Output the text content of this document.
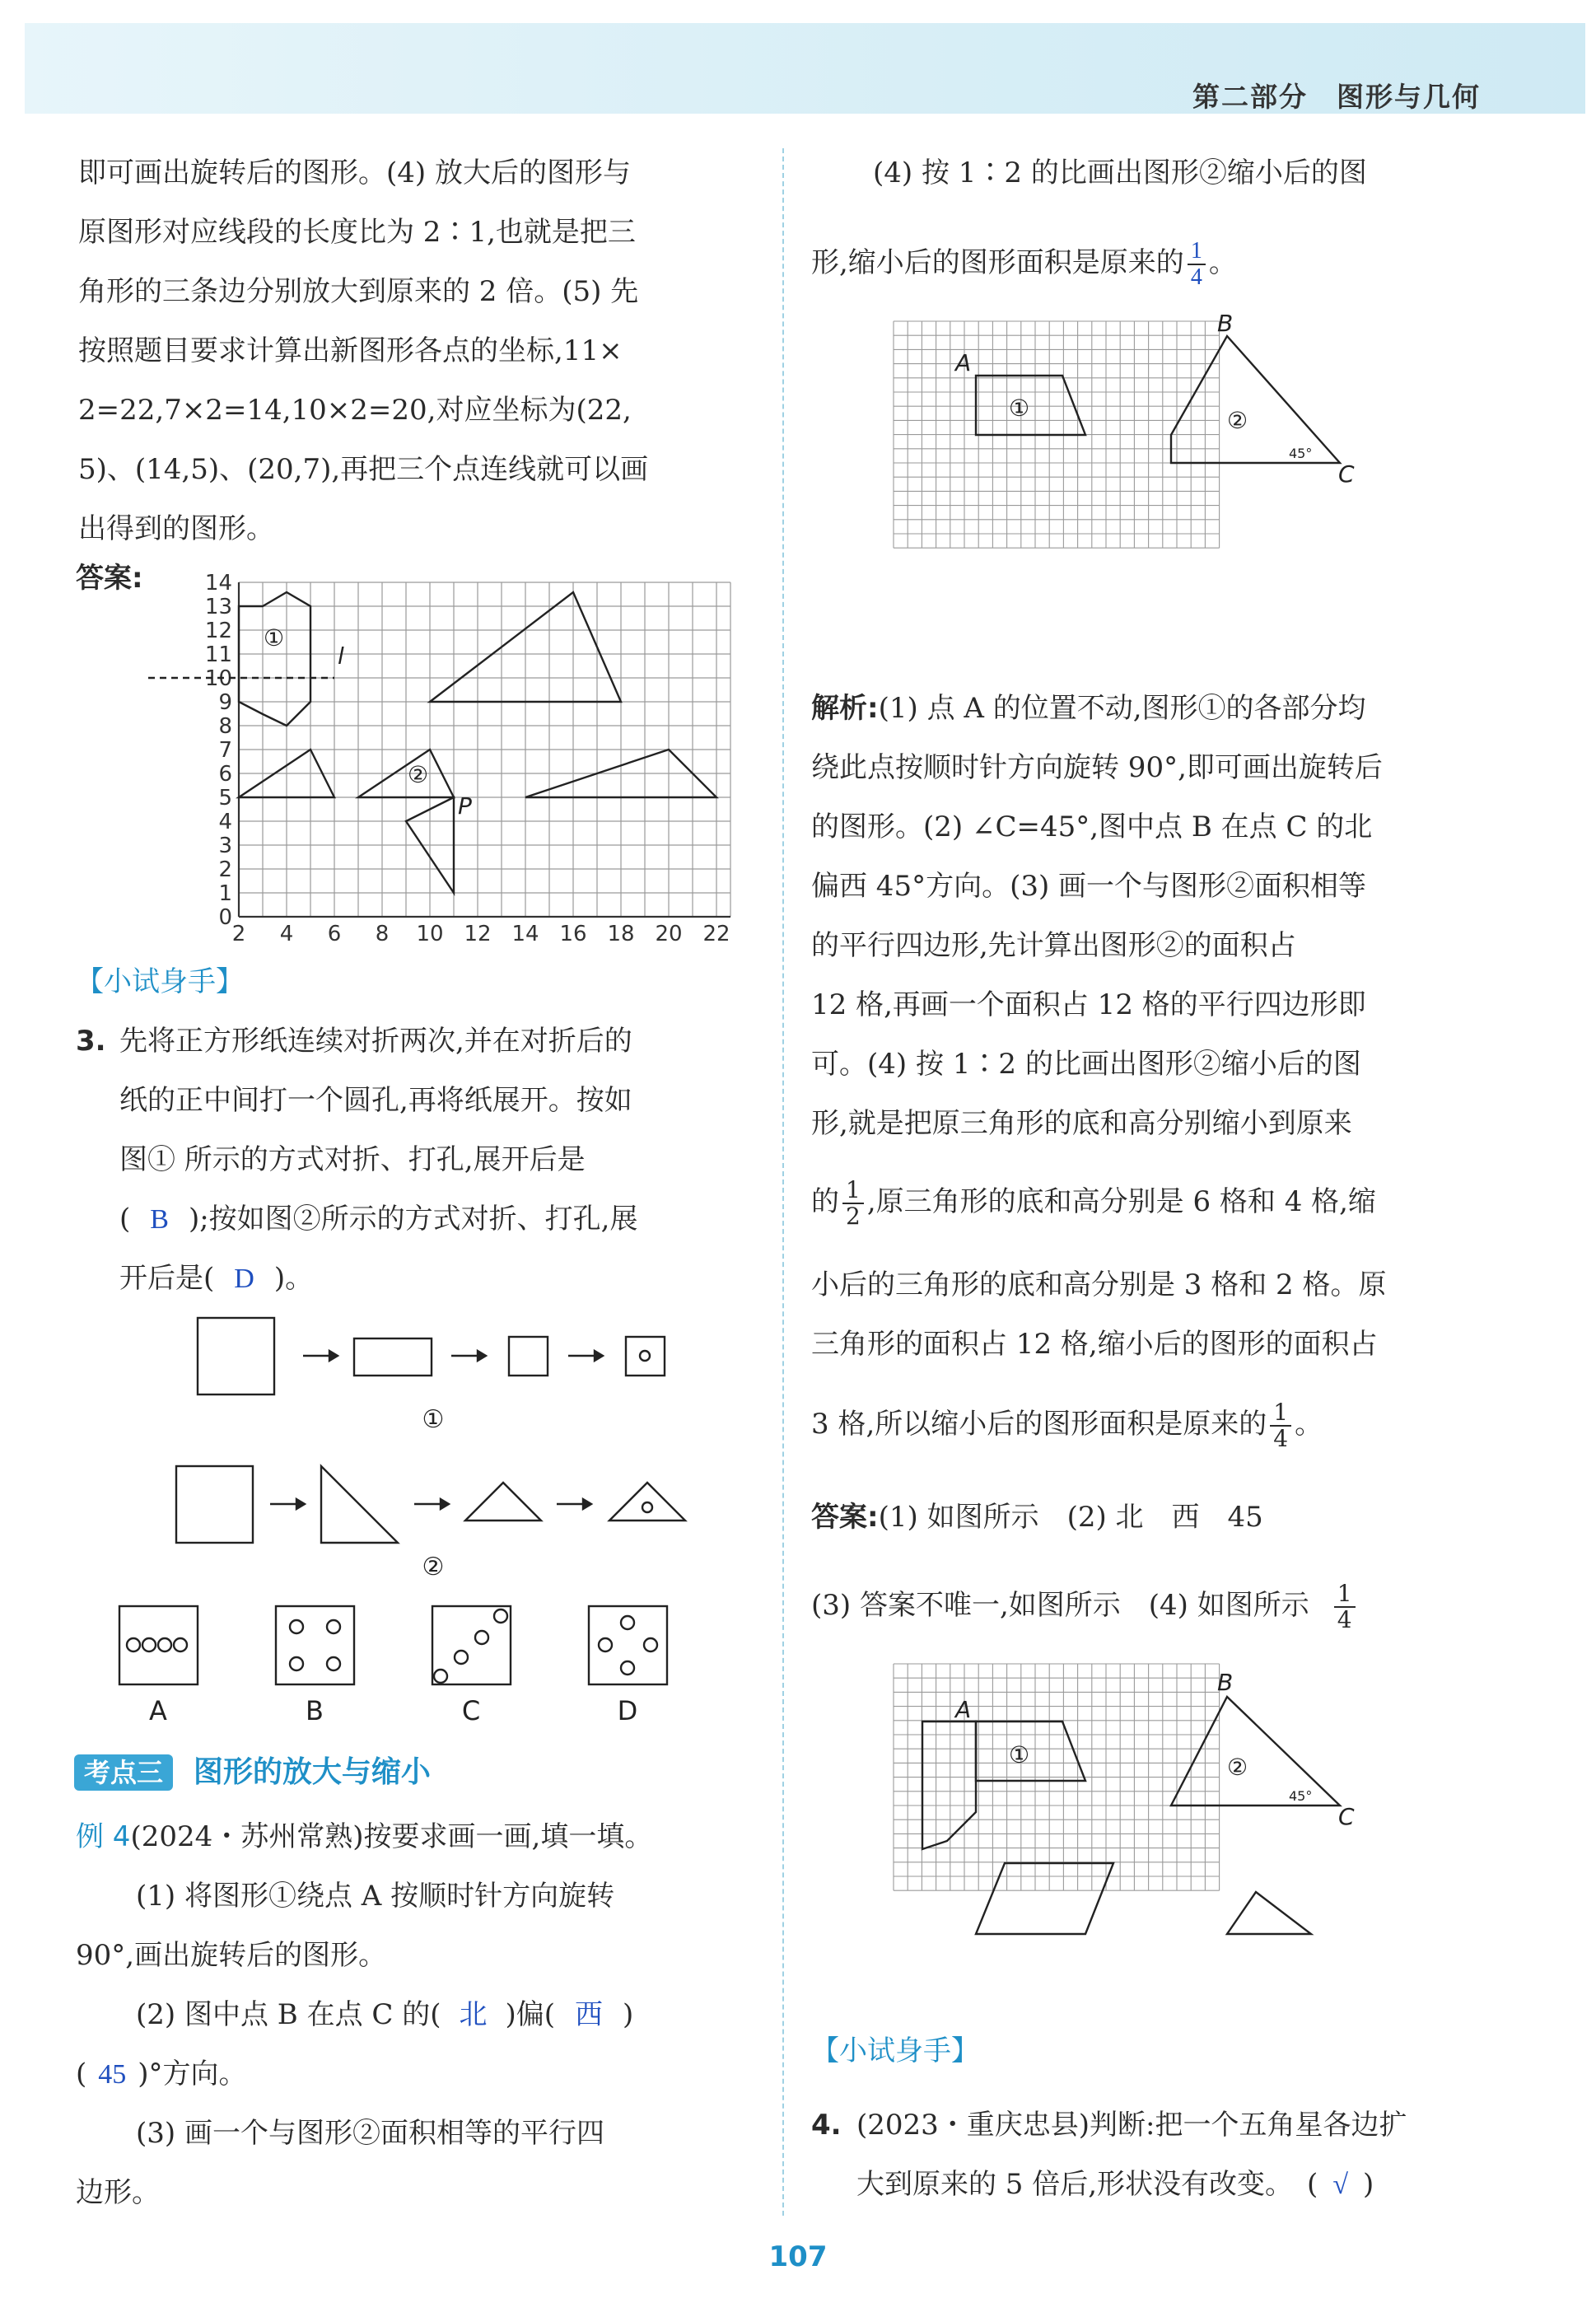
第二部分　图形与几何
即可画出旋转后的图形。(4) 放大后的图形与
原图形对应线段的长度比为 2∶1,也就是把三
角形的三条边分别放大到原来的 2 倍。(5) 先
按照题目要求计算出新图形各点的坐标,11×
2=22,7×2=14,10×2=20,对应坐标为(22,
5)、(14,5)、(20,7),再把三个点连线就可以画
出得到的图形。
答案:
0
1
2
3
4
5
6
7
8
9
10
11
12
13
14
2 4 6 8 10 12 14 16 18 20 22
①
②
l
P
【小试身手】
3. 先将正方形纸连续对折两次,并在对折后的
纸的正中间打一个圆孔,再将纸展开。按如
图① 所示的方式对折、打孔,展开后是
( B );按如图②所示的方式对折、打孔,展
开后是( D )。
①
②
A	B	C	D
考点三 图形的放大与缩小
例 4(2024・苏州常熟)按要求画一画,填一填。
(1) 将图形①绕点 A 按顺时针方向旋转
90°,画出旋转后的图形。
(2) 图中点 B 在点 C 的( 北 )偏( 西 )
( 45 )°方向。
(3) 画一个与图形②面积相等的平行四
边形。
(4) 按 1∶2 的比画出图形②缩小后的图
形,缩小后的图形面积是原来的 $\frac{1}{4}$ 。
A
B
C
①	②
45°
解析:(1) 点 A 的位置不动,图形①的各部分均
绕此点按顺时针方向旋转 90°,即可画出旋转后
的图形。(2) ∠C=45°,图中点 B 在点 C 的北
偏西 45°方向。(3) 画一个与图形②面积相等
的平行四边形,先计算出图形②的面积占
12 格,再画一个面积占 12 格的平行四边形即
可。(4) 按 1∶2 的比画出图形②缩小后的图
形,就是把原三角形的底和高分别缩小到原来
的 $\frac{1}{2}$ ,原三角形的底和高分别是 6 格和 4 格,缩
小后的三角形的底和高分别是 3 格和 2 格。原
三角形的面积占 12 格,缩小后的图形的面积占
3 格,所以缩小后的图形面积是原来的 $\frac{1}{4}$ 。
答案:(1) 如图所示　(2) 北　西　45
(3) 答案不唯一,如图所示　(4) 如图所示 $\frac{1}{4}$
A
B
C
①	②
45°
【小试身手】
4. (2023・重庆忠县)判断:把一个五角星各边扩
大到原来的 5 倍后,形状没有改变。　( √ )
107
